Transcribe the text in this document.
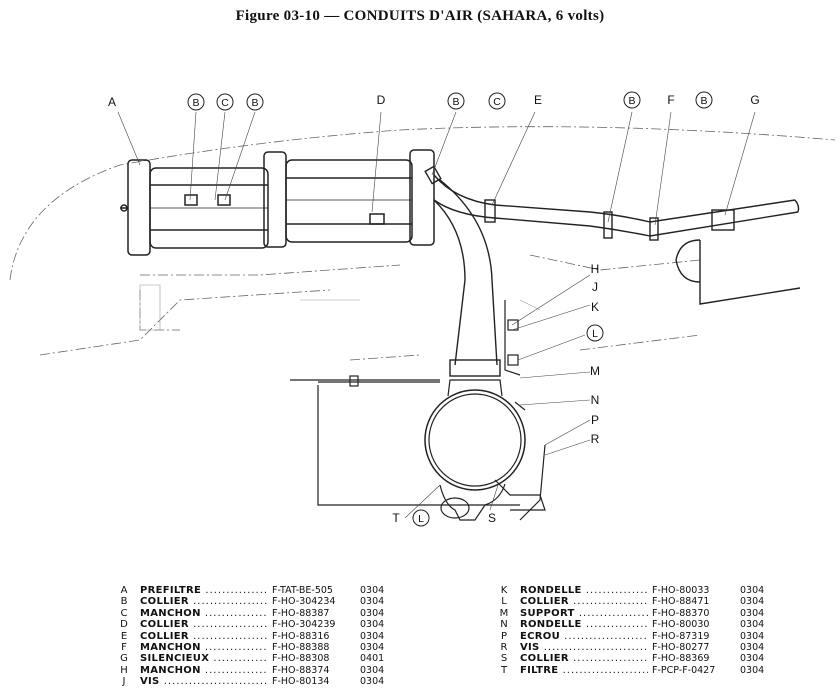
Figure 03-10 — CONDUITS D'AIR (SAHARA, 6 volts)
A	B C B	D	B	C	E	B	F B	G
H
J
K
L
M
N
P
R
T L	S
A	PRÉFILTRE .....	F-TAT-BE-505	0304
B	COLLIER .....	F-HO-304234	0304
C	MANCHON .....	F-HO-88387	0304
D	COLLIER .....	F-HO-304239	0304
E	COLLIER .....	F-HO-88316	0304
F	MANCHON .....	F-HO-88388	0304
G	SILENCIEUX .....	F-HO-88308	0401
H	MANCHON .....	F-HO-88374	0304
J	VIS .....	F-HO-80134	0304
K	RONDELLE .....	F-HO-80033	0304
L	COLLIER .....	F-HO-88471	0304
M	SUPPORT .....	F-HO-88370	0304
N	RONDELLE .....	F-HO-80030	0304
P	ÉCROU .....	F-HO-87319	0304
R	VIS .....	F-HO-80277	0304
S	COLLIER .....	F-HO-88369	0304
T	FILTRE .....	F-PCP-F-0427	0304
